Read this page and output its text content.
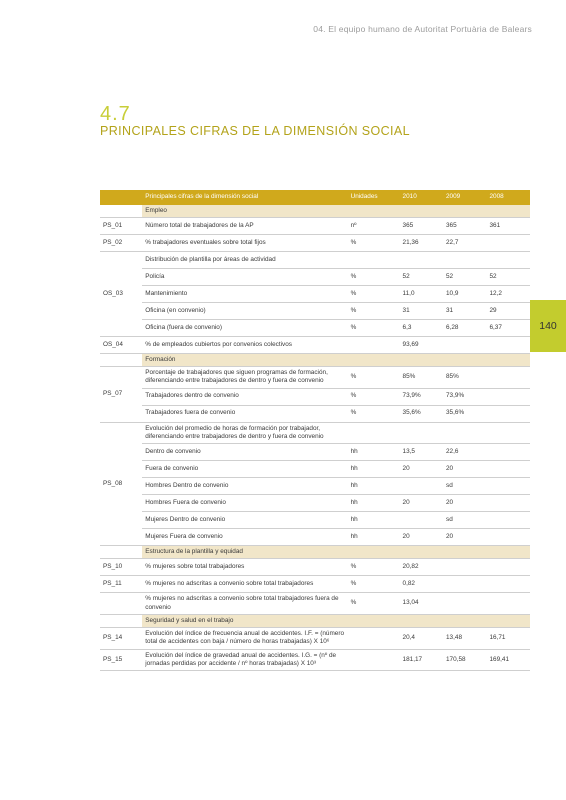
04. El equipo humano de Autoritat Portuària de Balears
4.7
PRINCIPALES CIFRAS DE LA DIMENSIÓN SOCIAL
140
	Principales cifras de la dimensión social	Unidades	2010	2009	2008
	Empleo				
PS_01	Número total de trabajadores de la AP	nº	365	365	361
PS_02	% trabajadores eventuales sobre total fijos	%	21,36	22,7	
OS_03	Distribución de plantilla por áreas de actividad				
	Policía	%	52	52	52
	Mantenimiento	%	11,0	10,9	12,2
	Oficina (en convenio)	%	31	31	29
	Oficina (fuera de convenio)	%	6,3	6,28	6,37
OS_04	% de empleados cubiertos por convenios colectivos		93,69		
	Formación				
PS_07	Porcentaje de trabajadores que siguen programas de formación, diferenciando entre trabajadores de dentro y fuera de convenio	%	85%	85%	
	Trabajadores dentro de convenio	%	73,9%	73,9%	
	Trabajadores fuera de convenio	%	35,6%	35,6%	
PS_08	Evolución del promedio de horas de formación por trabajador, diferenciando entre trabajadores de dentro y fuera de convenio				
	Dentro de convenio	hh	13,5	22,6	
	Fuera de convenio	hh	20	20	
	Hombres Dentro de convenio	hh		sd	
	Hombres Fuera de convenio	hh	20	20	
	Mujeres Dentro de convenio	hh		sd	
	Mujeres Fuera de convenio	hh	20	20	
	Estructura de la plantilla y equidad				
PS_10	% mujeres sobre total trabajadores	%	20,82		
PS_11	% mujeres no adscritas a convenio sobre total trabajadores	%	0,82		
	% mujeres no adscritas a convenio sobre total trabajadores fuera de convenio	%	13,04		
	Seguridad y salud en el trabajo				
PS_14	Evolución del índice de frecuencia anual de accidentes. I.F. = (número total de accidentes con baja / número de horas trabajadas) X 10⁶		20,4	13,48	16,71
PS_15	Evolución del índice de gravedad anual de accidentes. I.G. = (nº de jornadas perdidas por accidente / nº horas trabajadas) X 10³		181,17	170,58	169,41
